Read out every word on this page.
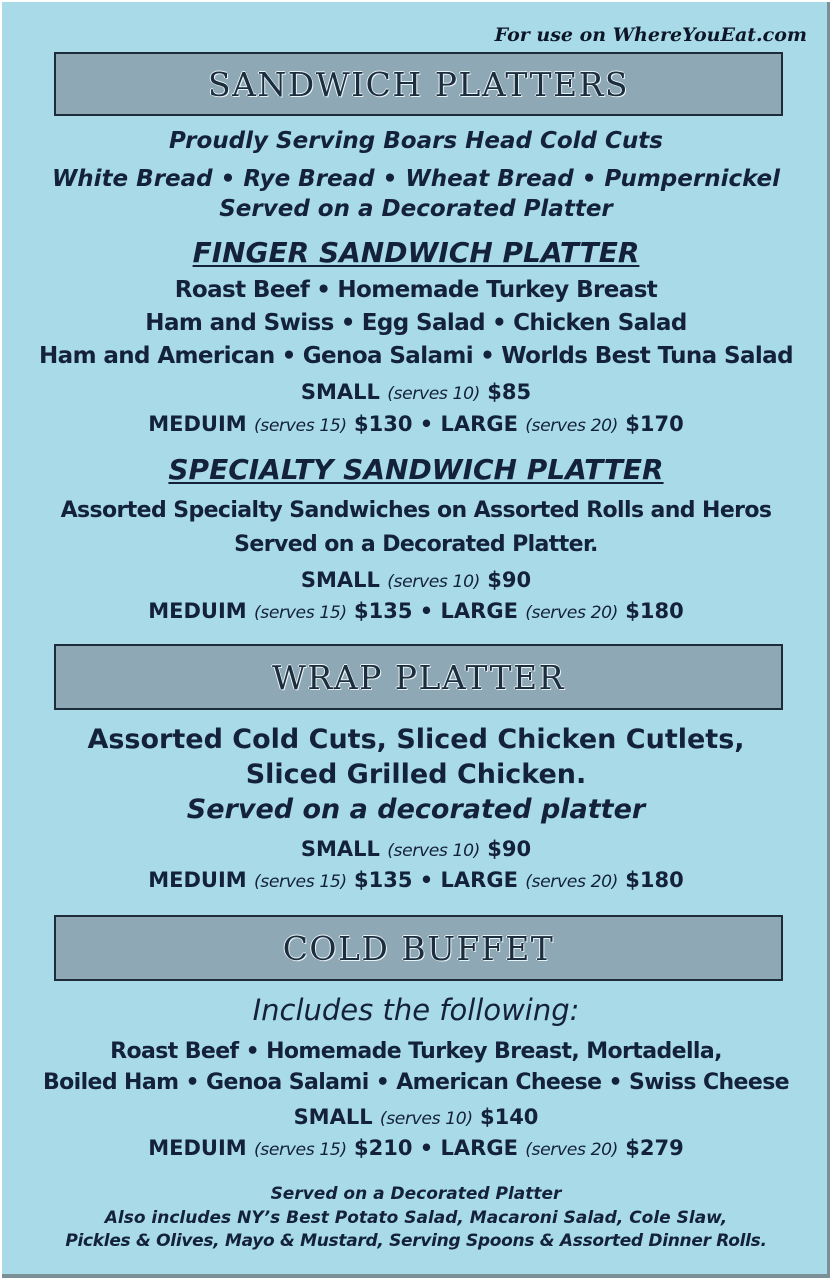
For use on WhereYouEat.com
SANDWICH PLATTERS
Proudly Serving Boars Head Cold Cuts
White Bread • Rye Bread • Wheat Bread • Pumpernickel
Served on a Decorated Platter
FINGER SANDWICH PLATTER
Roast Beef • Homemade Turkey Breast
Ham and Swiss • Egg Salad • Chicken Salad
Ham and American • Genoa Salami • Worlds Best Tuna Salad
SMALL (serves 10) $85
MEDUIM (serves 15) $130 • LARGE (serves 20) $170
SPECIALTY SANDWICH PLATTER
Assorted Specialty Sandwiches on Assorted Rolls and Heros
Served on a Decorated Platter.
SMALL (serves 10) $90
MEDUIM (serves 15) $135 • LARGE (serves 20) $180
WRAP PLATTER
Assorted Cold Cuts, Sliced Chicken Cutlets,
Sliced Grilled Chicken.
Served on a decorated platter
SMALL (serves 10) $90
MEDUIM (serves 15) $135 • LARGE (serves 20) $180
COLD BUFFET
Includes the following:
Roast Beef • Homemade Turkey Breast, Mortadella,
Boiled Ham • Genoa Salami • American Cheese • Swiss Cheese
SMALL (serves 10) $140
MEDUIM (serves 15) $210 • LARGE (serves 20) $279
Served on a Decorated Platter
Also includes NY’s Best Potato Salad, Macaroni Salad, Cole Slaw,
Pickles & Olives, Mayo & Mustard, Serving Spoons & Assorted Dinner Rolls.
